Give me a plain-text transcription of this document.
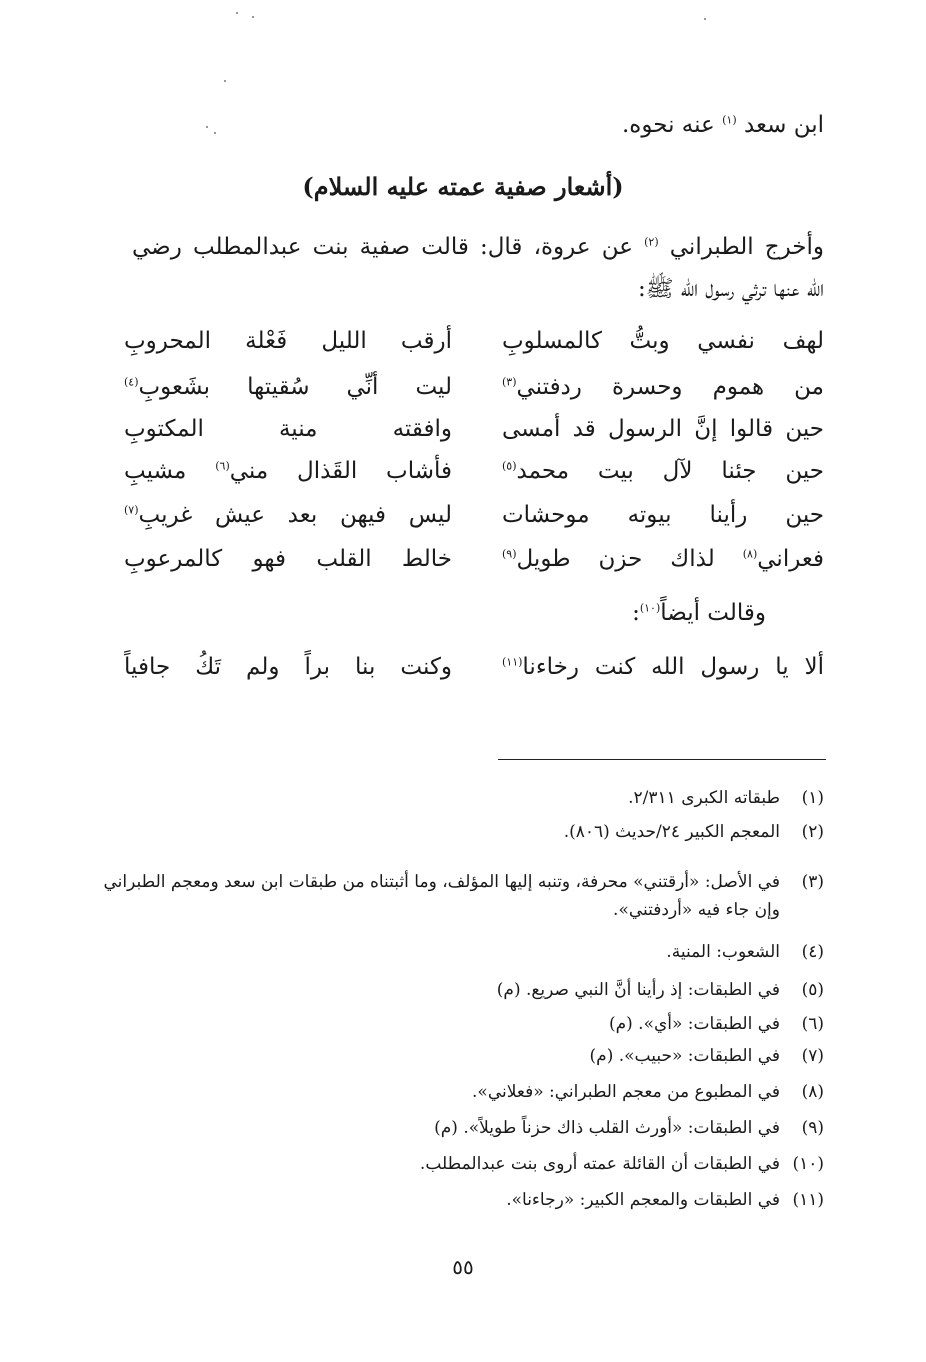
ابن سعد $^{(١)}$ عنه نحوه.
(أشعار صفية عمته عليه السلام)
وأخرج الطبراني $^{(٢)}$ عن عروة، قال: قالت صفية بنت عبدالمطلب رضي
الله عنها ترثي رسول الله ﷺ:
لهف نفسي وبتُّ كالمسلوبِ
أرقب الليل فَعْلة المحروبِ
من هموم وحسرة ردفتني$^{(٣)}$
ليت أنِّي سُقيتها بشَعوبِ$^{(٤)}$
حين قالوا إنَّ الرسول قد أمسى
وافقته منية المكتوبِ
حين جئنا لآل بيت محمد$^{(٥)}$
فأشاب القَذال مني$^{(٦)}$ مشيبِ
حين رأينا بيوته موحشات
ليس فيهن بعد عيش غريبِ$^{(٧)}$
فعراني$^{(٨)}$ لذاك حزن طويل$^{(٩)}$
خالط القلب فهو كالمرعوبِ
وقالت أيضاً$^{(١٠)}$:
ألا يا رسول الله كنت رخاءنا$^{(١١)}$
وكنت بنا براً ولم تَكُ جافياً
(١)طبقاته الكبرى ٢/٣١١.
(٢)المعجم الكبير ٢٤/حديث (٨٠٦).
(٣)في الأصل: «أرقتني» محرفة، وتنبه إليها المؤلف، وما أثبتناه من طبقات ابن سعد ومعجم الطبراني وإن جاء فيه «أردفتني».
(٤)الشعوب: المنية.
(٥)في الطبقات: إذ رأينا أنَّ النبي صريع. (م)
(٦)في الطبقات: «أي». (م)
(٧)في الطبقات: «حبيب». (م)
(٨)في المطبوع من معجم الطبراني: «فعلاني».
(٩)في الطبقات: «أورث القلب ذاك حزناً طويلاً». (م)
(١٠)في الطبقات أن القائلة عمته أروى بنت عبدالمطلب.
(١١)في الطبقات والمعجم الكبير: «رجاءنا».
٥٥
